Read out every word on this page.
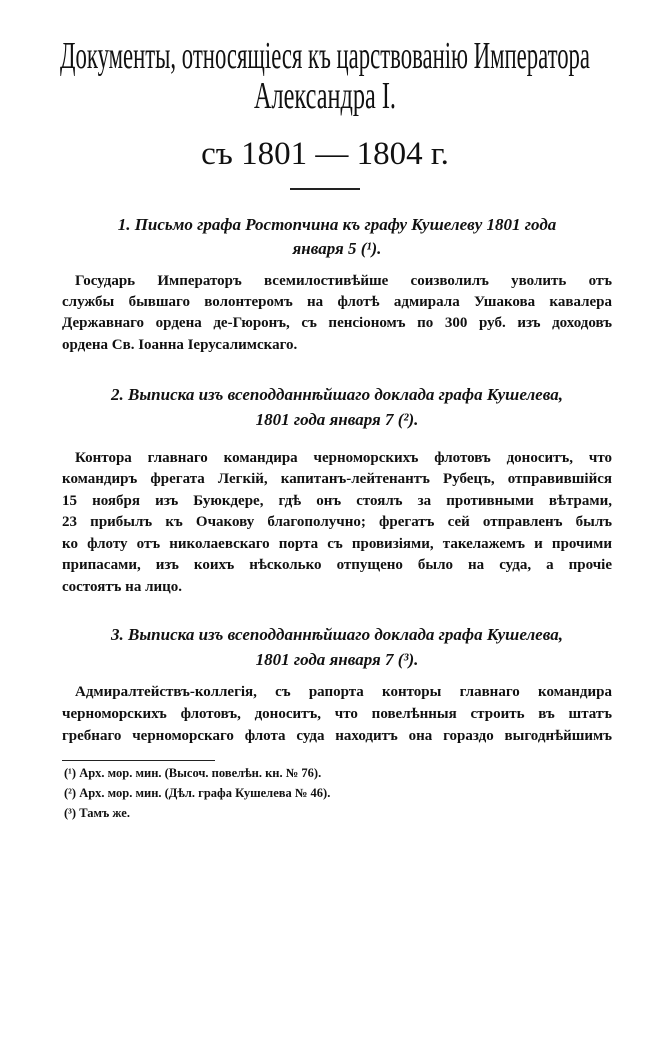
Документы, относящіеся къ царствованію Императора
Александра I.
съ 1801 — 1804 г.
1. Письмо графа Ростопчина къ графу Кушелеву 1801 года
января 5 (¹).
Государь Императоръ всемилостивѣйше соизволилъ уволить отъ
службы бывшаго волонтеромъ на флотѣ адмирала Ушакова кавалера
Державнаго ордена де-Гюронъ, съ пенсіономъ по 300 руб. изъ доходовъ
ордена Св. Іоанна Іерусалимскаго.
2. Выписка изъ всеподданнѣйшаго доклада графа Кушелева,
1801 года января 7 (²).
Контора главнаго командира черноморскихъ флотовъ доноситъ, что
командиръ фрегата Легкій, капитанъ-лейтенантъ Рубецъ, отправившійся
15 ноября изъ Буюкдере, гдѣ онъ стоялъ за противными вѣтрами,
23 прибылъ къ Очакову благополучно; фрегатъ сей отправленъ былъ
ко флоту отъ николаевскаго порта съ провизіями, такелажемъ и прочими
припасами, изъ коихъ нѣсколько отпущено было на суда, а прочіе
состоятъ на лицо.
3. Выписка изъ всеподданнѣйшаго доклада графа Кушелева,
1801 года января 7 (³).
Адмиралтействъ-коллегія, съ рапорта конторы главнаго командира
черноморскихъ флотовъ, доноситъ, что повелѣнныя строить въ штатъ
гребнаго черноморскаго флота суда находитъ она гораздо выгоднѣйшимъ
(¹) Арх. мор. мин. (Высоч. повелѣн. кн. № 76).
(²) Арх. мор. мин. (Дѣл. графа Кушелева № 46).
(³) Тамъ же.
